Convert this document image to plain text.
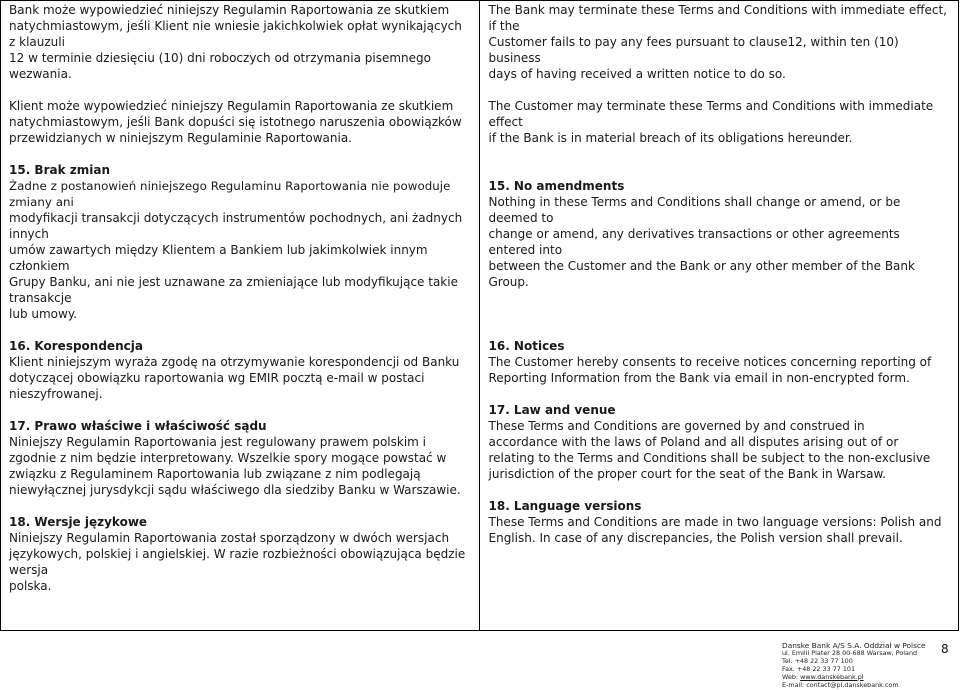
Bank może wypowiedzieć niniejszy Regulamin Raportowania ze skutkiem

natychmiastowym, jeśli Klient nie wniesie jakichkolwiek opłat wynikających z klauzuli

12 w terminie dziesięciu (10) dni roboczych od otrzymania pisemnego wezwania.

Klient może wypowiedzieć niniejszy Regulamin Raportowania ze skutkiem

natychmiastowym, jeśli Bank dopuści się istotnego naruszenia obowiązków

przewidzianych w niniejszym Regulaminie Raportowania.

15. Brak zmian

Żadne z postanowień niniejszego Regulaminu Raportowania nie powoduje zmiany ani

modyfikacji transakcji dotyczących instrumentów pochodnych, ani żadnych innych

umów zawartych między Klientem a Bankiem lub jakimkolwiek innym członkiem

Grupy Banku, ani nie jest uznawane za zmieniające lub modyfikujące takie transakcje

lub umowy.

16. Korespondencja

Klient niniejszym wyraża zgodę na otrzymywanie korespondencji od Banku

dotyczącej obowiązku raportowania wg EMIR pocztą e-mail w postaci nieszyfrowanej.

17. Prawo właściwe i właściwość sądu

Niniejszy Regulamin Raportowania jest regulowany prawem polskim i

zgodnie z nim będzie interpretowany. Wszelkie spory mogące powstać w

związku z Regulaminem Raportowania lub związane z nim podlegają

niewyłącznej jurysdykcji sądu właściwego dla siedziby Banku w Warszawie.

18. Wersje językowe

Niniejszy Regulamin Raportowania został sporządzony w dwóch wersjach

językowych, polskiej i angielskiej. W razie rozbieżności obowiązująca będzie wersja

polska.

The Bank may terminate these Terms and Conditions with immediate effect, if the

Customer fails to pay any fees pursuant to clause12, within ten (10) business

days of having received a written notice to do so.

The Customer may terminate these Terms and Conditions with immediate effect

if the Bank is in material breach of its obligations hereunder.

15. No amendments

Nothing in these Terms and Conditions shall change or amend, or be deemed to

change or amend, any derivatives transactions or other agreements entered into

between the Customer and the Bank or any other member of the Bank Group.

16. Notices

The Customer hereby consents to receive notices concerning reporting of

Reporting Information from the Bank via email in non-encrypted form.

17. Law and venue

These Terms and Conditions are governed by and construed in

accordance with the laws of Poland and all disputes arising out of or

relating to the Terms and Conditions shall be subject to the non-exclusive

jurisdiction of the proper court for the seat of the Bank in Warsaw.

18. Language versions

These Terms and Conditions are made in two language versions: Polish and

English. In case of any discrepancies, the Polish version shall prevail.

Danske Bank A/S S.A. Oddział w Polsce
ul. Emilii Plater 28 00-688 Warsaw, Poland
Tel. +48 22 33 77 100
Fax. +48 22 33 77 101
Web: www.danskebank.pl
E-mail: contact@pl.danskebank.com
8
